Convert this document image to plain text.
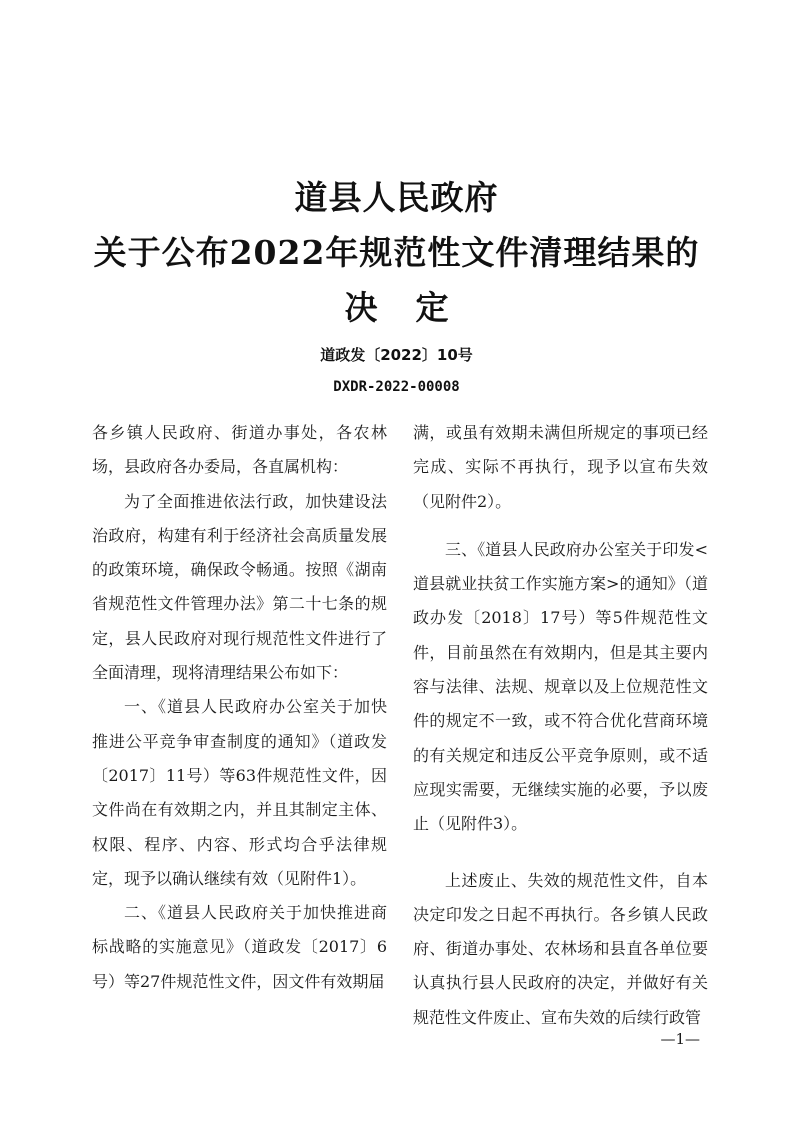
道县人民政府
关于公布2022年规范性文件清理结果的
决定
道政发〔2022〕10号
DXDR-2022-00008

各乡镇人民政府、街道办事处，各农林场，县政府各办委局，各直属机构：

为了全面推进依法行政，加快建设法治政府，构建有利于经济社会高质量发展的政策环境，确保政令畅通。按照《湖南省规范性文件管理办法》第二十七条的规定，县人民政府对现行规范性文件进行了全面清理，现将清理结果公布如下：

一、《道县人民政府办公室关于加快推进公平竞争审查制度的通知》（道政发〔2017〕11号）等63件规范性文件，因文件尚在有效期之内，并且其制定主体、权限、程序、内容、形式均合乎法律规定，现予以确认继续有效（见附件1）。

二、《道县人民政府关于加快推进商标战略的实施意见》（道政发〔2017〕6号）等27件规范性文件，因文件有效期届

满，或虽有效期未满但所规定的事项已经完成、实际不再执行，现予以宣布失效（见附件2）。

三、《道县人民政府办公室关于印发<道县就业扶贫工作实施方案>的通知》（道政办发〔2018〕17号）等5件规范性文件，目前虽然在有效期内，但是其主要内容与法律、法规、规章以及上位规范性文件的规定不一致，或不符合优化营商环境的有关规定和违反公平竞争原则，或不适应现实需要，无继续实施的必要，予以废止（见附件3）。

上述废止、失效的规范性文件，自本决定印发之日起不再执行。各乡镇人民政府、街道办事处、农林场和县直各单位要认真执行县人民政府的决定，并做好有关规范性文件废止、宣布失效的后续行政管

—1—
